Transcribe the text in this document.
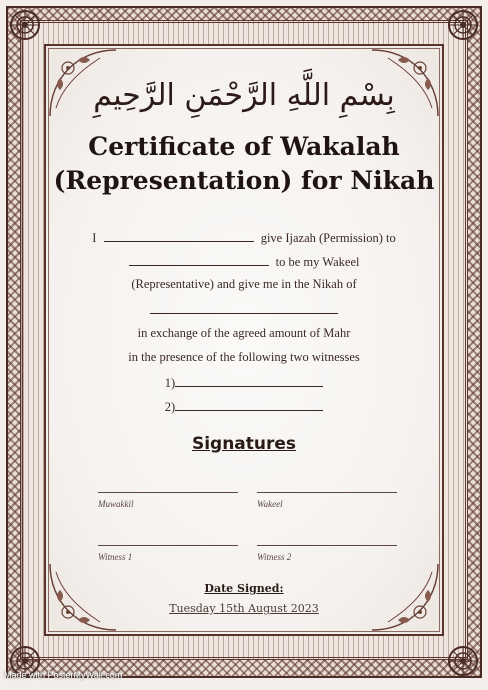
بِسْمِ اللَّهِ الرَّحْمَنِ الرَّحِيمِ
Certificate of Wakalah
(Representation) for Nikah
I	give Ijazah (Permission) to
to be my Wakeel
(Representative) and give me in the Nikah of
in exchange of the agreed amount of Mahr
in the presence of the following two witnesses
1)
2)
Signatures
Muwakkil	Wakeel
Witness 1	Witness 2
Date Signed:
Tuesday 15th August 2023
Made with PosterMyWall.com
